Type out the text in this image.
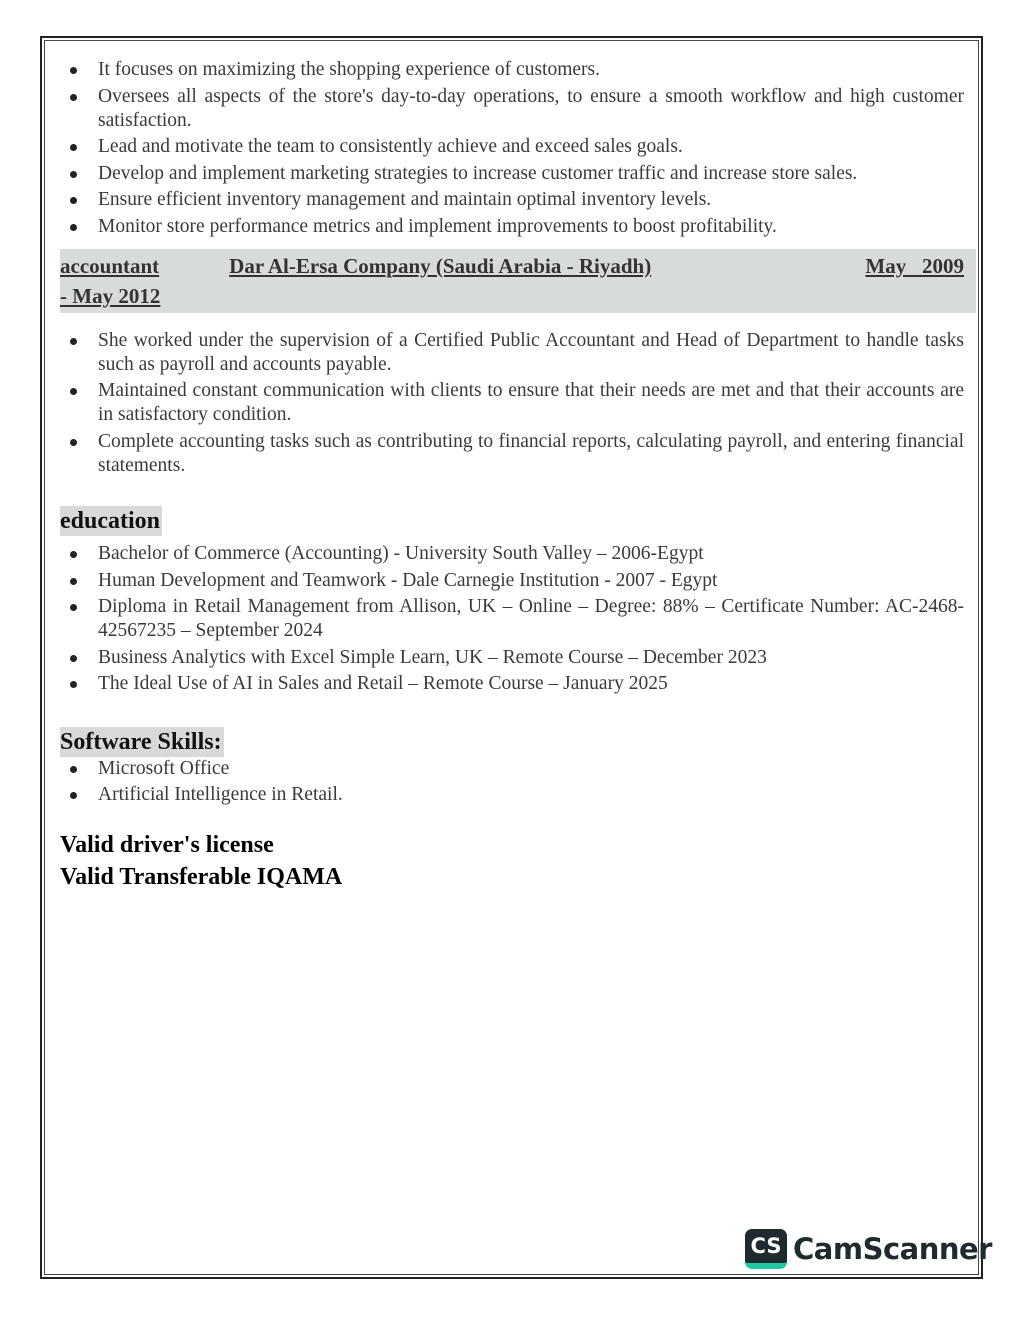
It focuses on maximizing the shopping experience of customers.
Oversees all aspects of the store's day-to-day operations, to ensure a smooth workflow and high customer satisfaction.
Lead and motivate the team to consistently achieve and exceed sales goals.
Develop and implement marketing strategies to increase customer traffic and increase store sales.
Ensure efficient inventory management and maintain optimal inventory levels.
Monitor store performance metrics and implement improvements to boost profitability.
accountant	Dar Al-Ersa Company (Saudi Arabia - Riyadh)	May   2009
- May 2012
She worked under the supervision of a Certified Public Accountant and Head of Department to handle tasks such as payroll and accounts payable.
Maintained constant communication with clients to ensure that their needs are met and that their accounts are in satisfactory condition.
Complete accounting tasks such as contributing to financial reports, calculating payroll, and entering financial statements.
education
Bachelor of Commerce (Accounting) - University South Valley – 2006-Egypt
Human Development and Teamwork - Dale Carnegie Institution - 2007 - Egypt
Diploma in Retail Management from Allison, UK – Online – Degree: 88% – Certificate Number: AC-2468-42567235 – September 2024
Business Analytics with Excel Simple Learn, UK – Remote Course – December 2023
The Ideal Use of AI in Sales and Retail – Remote Course – January 2025
Software Skills:
Microsoft Office
Artificial Intelligence in Retail.
Valid driver's license
Valid Transferable IQAMA
CS CamScanner
